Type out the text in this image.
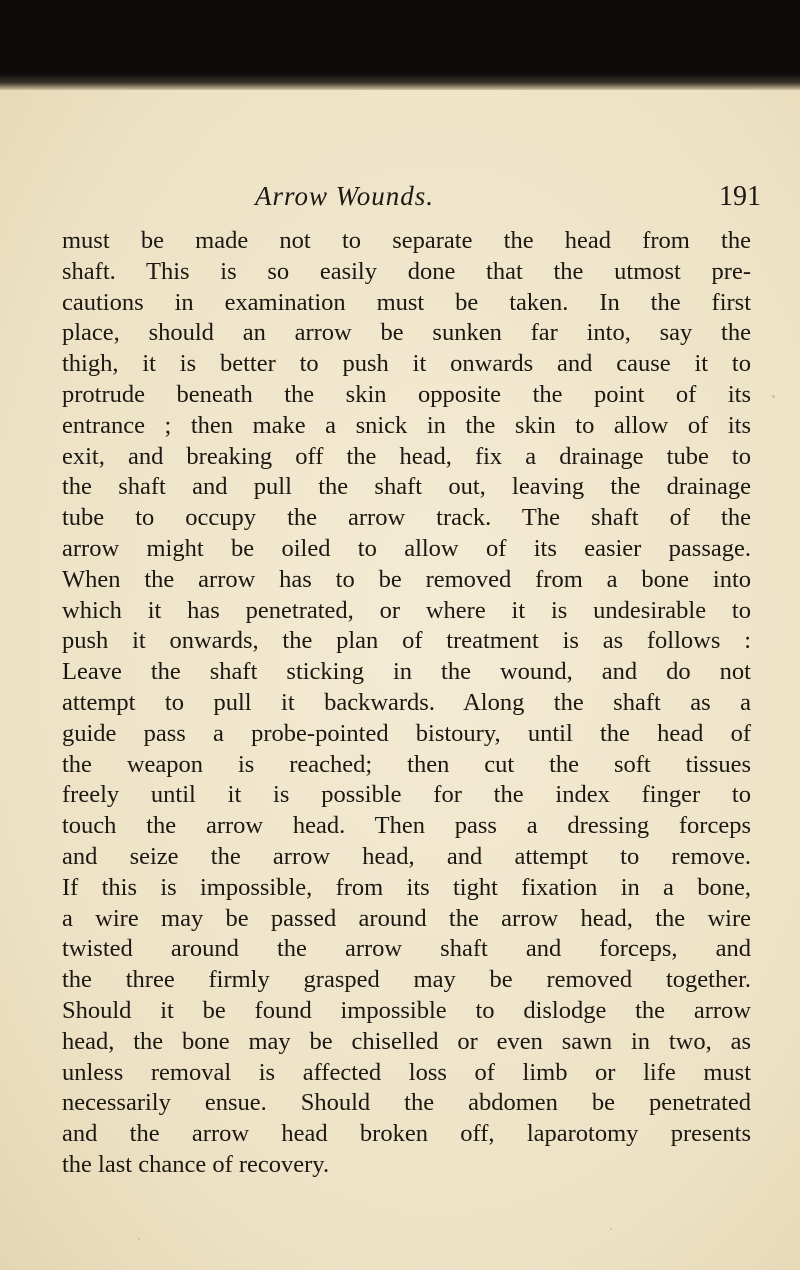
Arrow Wounds.	191
must be made not to separate the head from the
shaft. This is so easily done that the utmost pre-
cautions in examination must be taken. In the first
place, should an arrow be sunken far into, say the
thigh, it is better to push it onwards and cause it to
protrude beneath the skin opposite the point of its
entrance ; then make a snick in the skin to allow of its
exit, and breaking off the head, fix a drainage tube to
the shaft and pull the shaft out, leaving the drainage
tube to occupy the arrow track. The shaft of the
arrow might be oiled to allow of its easier passage.
When the arrow has to be removed from a bone into
which it has penetrated, or where it is undesirable to
push it onwards, the plan of treatment is as follows :
Leave the shaft sticking in the wound, and do not
attempt to pull it backwards. Along the shaft as a
guide pass a probe-pointed bistoury, until the head of
the weapon is reached; then cut the soft tissues
freely until it is possible for the index finger to
touch the arrow head. Then pass a dressing forceps
and seize the arrow head, and attempt to remove.
If this is impossible, from its tight fixation in a bone,
a wire may be passed around the arrow head, the wire
twisted around the arrow shaft and forceps, and
the three firmly grasped may be removed together.
Should it be found impossible to dislodge the arrow
head, the bone may be chiselled or even sawn in two, as
unless removal is affected loss of limb or life must
necessarily ensue. Should the abdomen be penetrated
and the arrow head broken off, laparotomy presents
the last chance of recovery.
